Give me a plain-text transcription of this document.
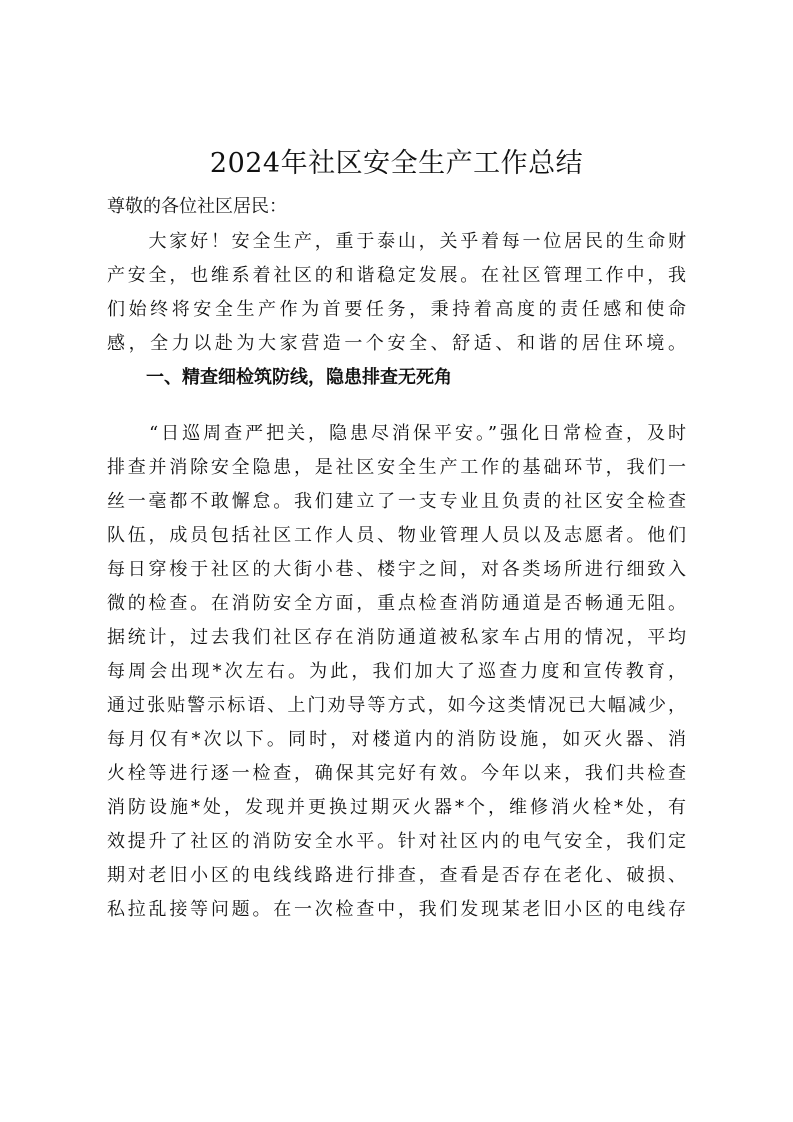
2024年社区安全生产工作总结
尊敬的各位社区居民：
　　大家好！安全生产，重于泰山，关乎着每一位居民的生命财
产安全，也维系着社区的和谐稳定发展。在社区管理工作中，我
们始终将安全生产作为首要任务，秉持着高度的责任感和使命
感，全力以赴为大家营造一个安全、舒适、和谐的居住环境。
一、精查细检筑防线，隐患排查无死角
　　“日巡周查严把关，隐患尽消保平安。”强化日常检查，及时
排查并消除安全隐患，是社区安全生产工作的基础环节，我们一
丝一毫都不敢懈怠。我们建立了一支专业且负责的社区安全检查
队伍，成员包括社区工作人员、物业管理人员以及志愿者。他们
每日穿梭于社区的大街小巷、楼宇之间，对各类场所进行细致入
微的检查。在消防安全方面，重点检查消防通道是否畅通无阻。
据统计，过去我们社区存在消防通道被私家车占用的情况，平均
每周会出现*次左右。为此，我们加大了巡查力度和宣传教育，
通过张贴警示标语、上门劝导等方式，如今这类情况已大幅减少，
每月仅有*次以下。同时，对楼道内的消防设施，如灭火器、消
火栓等进行逐一检查，确保其完好有效。今年以来，我们共检查
消防设施*处，发现并更换过期灭火器*个，维修消火栓*处，有
效提升了社区的消防安全水平。针对社区内的电气安全，我们定
期对老旧小区的电线线路进行排查，查看是否存在老化、破损、
私拉乱接等问题。在一次检查中，我们发现某老旧小区的电线存
